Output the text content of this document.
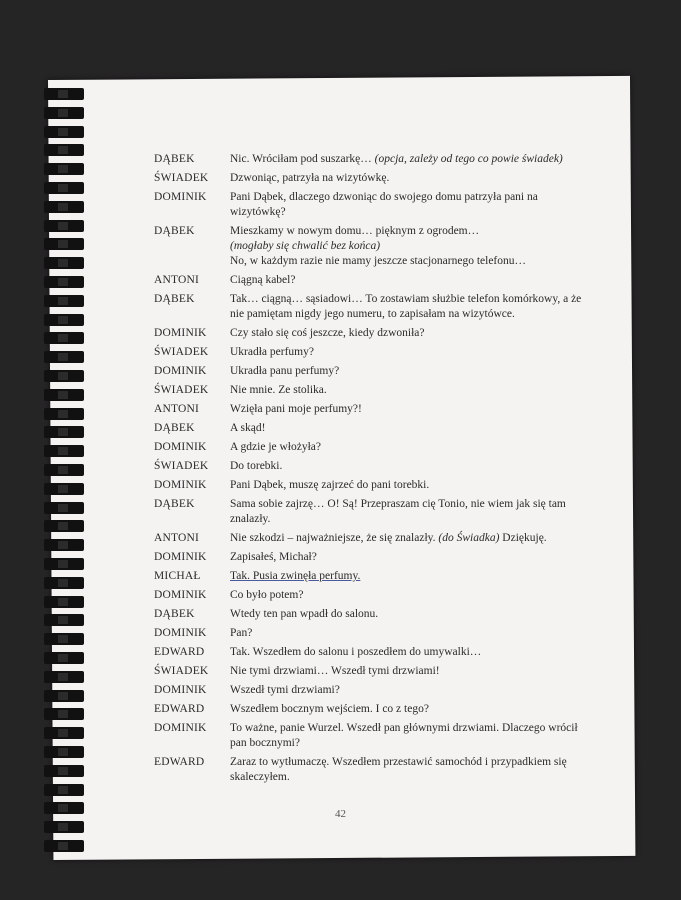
DĄBEK	Nic. Wróciłam pod suszarkę… (opcja, zależy od tego co powie świadek)
ŚWIADEK	Dzwoniąc, patrzyła na wizytówkę.
DOMINIK	Pani Dąbek, dlaczego dzwoniąc do swojego domu patrzyła pani na wizytówkę?
DĄBEK	Mieszkamy w nowym domu… pięknym z ogrodem…
(mogłaby się chwalić bez końca)
No, w każdym razie nie mamy jeszcze stacjonarnego telefonu…
ANTONI	Ciągną kabel?
DĄBEK	Tak… ciągną… sąsiadowi… To zostawiam służbie telefon komórkowy, a że nie pamiętam nigdy jego numeru, to zapisałam na wizytówce.
DOMINIK	Czy stało się coś jeszcze, kiedy dzwoniła?
ŚWIADEK	Ukradła perfumy?
DOMINIK	Ukradła panu perfumy?
ŚWIADEK	Nie mnie. Ze stolika.
ANTONI	Wzięła pani moje perfumy?!
DĄBEK	A skąd!
DOMINIK	A gdzie je włożyła?
ŚWIADEK	Do torebki.
DOMINIK	Pani Dąbek, muszę zajrzeć do pani torebki.
DĄBEK	Sama sobie zajrzę… O! Są! Przepraszam cię Tonio, nie wiem jak się tam znalazły.
ANTONI	Nie szkodzi – najważniejsze, że się znalazły. (do Świadka) Dziękuję.
DOMINIK	Zapisałeś, Michał?
MICHAŁ	Tak. Pusia zwinęła perfumy.
DOMINIK	Co było potem?
DĄBEK	Wtedy ten pan wpadł do salonu.
DOMINIK	Pan?
EDWARD	Tak. Wszedłem do salonu i poszedłem do umywalki…
ŚWIADEK	Nie tymi drzwiami… Wszedł tymi drzwiami!
DOMINIK	Wszedł tymi drzwiami?
EDWARD	Wszedłem bocznym wejściem. I co z tego?
DOMINIK	To ważne, panie Wurzel. Wszedł pan głównymi drzwiami. Dlaczego wrócił pan bocznymi?
EDWARD	Zaraz to wytłumaczę. Wszedłem przestawić samochód i przypadkiem się skaleczyłem.
42
